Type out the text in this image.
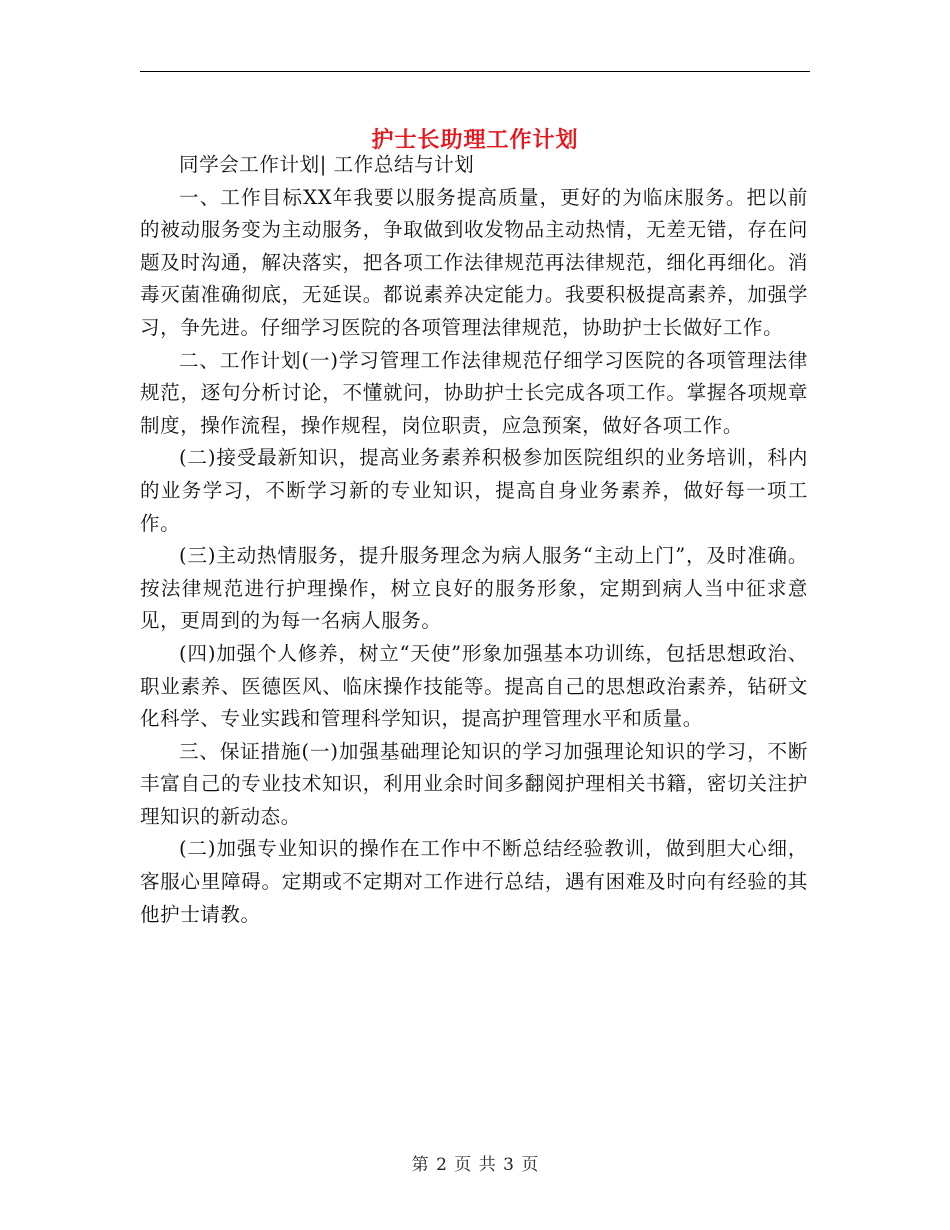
护士长助理工作计划

同学会工作计划| 工作总结与计划

一、工作目标XX年我要以服务提高质量，更好的为临床服务。把以前的被动服务变为主动服务，争取做到收发物品主动热情，无差无错，存在问题及时沟通，解决落实，把各项工作法律规范再法律规范，细化再细化。消毒灭菌准确彻底，无延误。都说素养决定能力。我要积极提高素养，加强学习，争先进。仔细学习医院的各项管理法律规范，协助护士长做好工作。

二、工作计划(一)学习管理工作法律规范仔细学习医院的各项管理法律规范，逐句分析讨论，不懂就问，协助护士长完成各项工作。掌握各项规章制度，操作流程，操作规程，岗位职责，应急预案，做好各项工作。

(二)接受最新知识，提高业务素养积极参加医院组织的业务培训，科内的业务学习，不断学习新的专业知识，提高自身业务素养，做好每一项工作。

(三)主动热情服务，提升服务理念为病人服务“主动上门”，及时准确。按法律规范进行护理操作，树立良好的服务形象，定期到病人当中征求意见，更周到的为每一名病人服务。

(四)加强个人修养，树立“天使”形象加强基本功训练，包括思想政治、职业素养、医德医风、临床操作技能等。提高自己的思想政治素养，钻研文化科学、专业实践和管理科学知识，提高护理管理水平和质量。

三、保证措施(一)加强基础理论知识的学习加强理论知识的学习，不断丰富自己的专业技术知识，利用业余时间多翻阅护理相关书籍，密切关注护理知识的新动态。

(二)加强专业知识的操作在工作中不断总结经验教训，做到胆大心细，客服心里障碍。定期或不定期对工作进行总结，遇有困难及时向有经验的其他护士请教。

第 2 页 共 3 页
